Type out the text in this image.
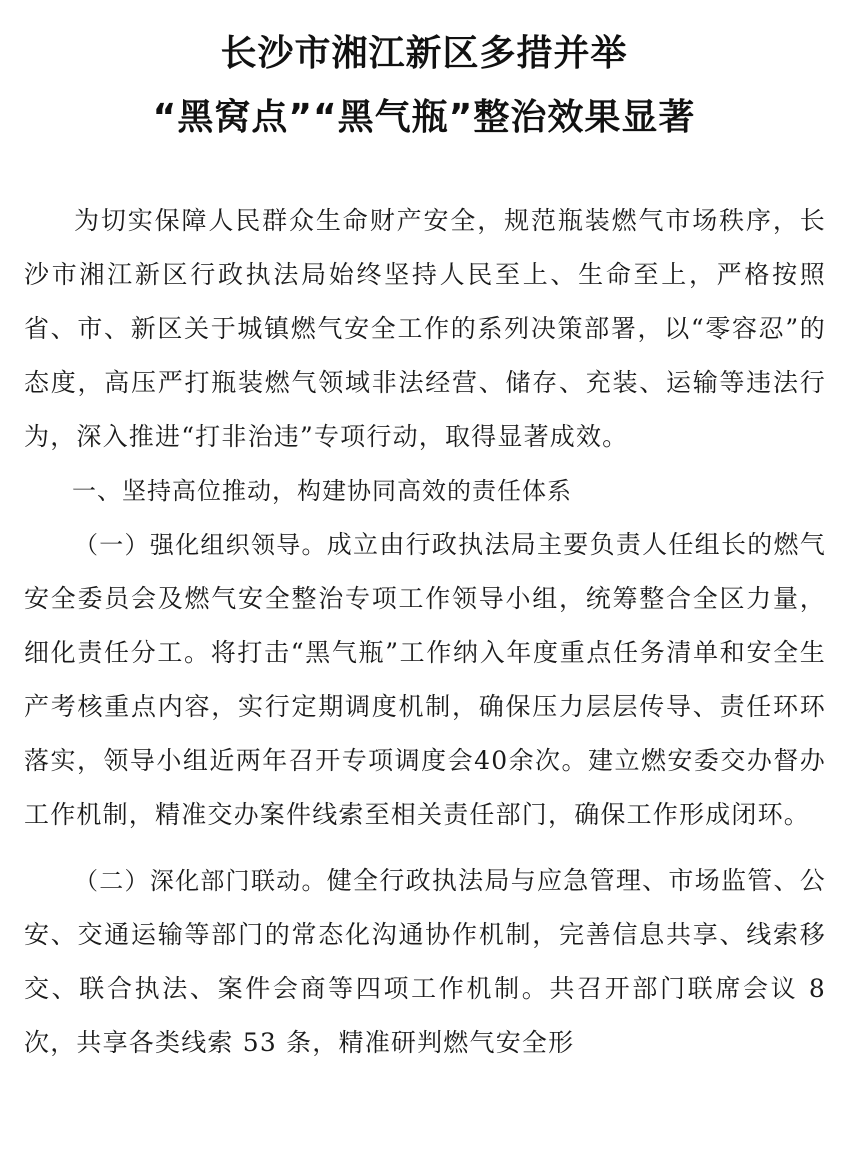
长沙市湘江新区多措并举
“黑窝点”“黑气瓶”整治效果显著

为切实保障人民群众生命财产安全，规范瓶装燃气市场秩序，长沙市湘江新区行政执法局始终坚持人民至上、生命至上，严格按照省、市、新区关于城镇燃气安全工作的系列决策部署，以“零容忍”的态度，高压严打瓶装燃气领域非法经营、储存、充装、运输等违法行为，深入推进“打非治违”专项行动，取得显著成效。

一、坚持高位推动，构建协同高效的责任体系

（一）强化组织领导。成立由行政执法局主要负责人任组长的燃气安全委员会及燃气安全整治专项工作领导小组，统筹整合全区力量，细化责任分工。将打击“黑气瓶”工作纳入年度重点任务清单和安全生产考核重点内容，实行定期调度机制，确保压力层层传导、责任环环落实，领导小组近两年召开专项调度会40余次。建立燃安委交办督办工作机制，精准交办案件线索至相关责任部门，确保工作形成闭环。

（二）深化部门联动。健全行政执法局与应急管理、市场监管、公安、交通运输等部门的常态化沟通协作机制，完善信息共享、线索移交、联合执法、案件会商等四项工作机制。共召开部门联席会议 8 次，共享各类线索 53 条，精准研判燃气安全形
